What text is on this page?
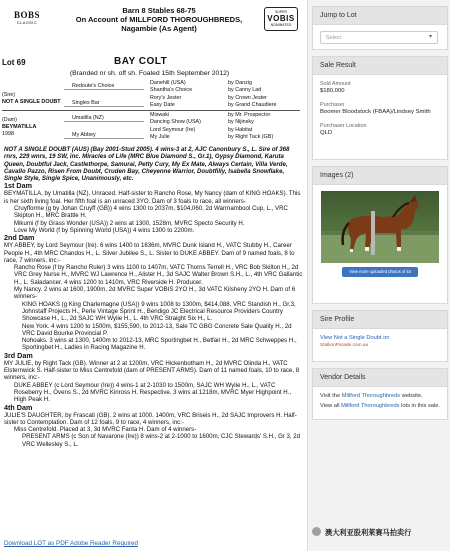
BOBS
CLASSIC
Barn 8 Stables 68-75
On Account of MILLFORD THOROUGHBREDS,
Nagambie (As Agent)
SUPER
VOBIS
NOMINATED
Lot 69	BAY COLT
(Branded nr sh. off sh. Foaled 15th September 2012)
(Sire)
NOT A SINGLE DOUBT
(Dam)
BEYMATILLA
1998
Redoute's Choice
Singles Bar
Umatilla (NZ)
My Abbey
Danehill (USA)
Shantha's Choice
Rory's Jester
Easy Date
Miswaki
Dancing Show (USA)
Lord Seymour (Ire)
My Julie
by Danzig
by Canny Lad
by Crown Jester
by Grand Chaudiere
by Mr. Prospector
by Nijinsky
by Habitat
by Right Tack (GB)

NOT A SINGLE DOUBT (AUS) (Bay 2001-Stud 2005). 4 wins-3 at 2, AJC Canonbury S., L. Sire of 368 rnrs, 229 wnrs, 19 SW, inc. Miracles of Life (MRC Blue Diamond S., Gr.1), Gypsy Diamond, Karuta Queen, Doubtful Jack, Castlethorpe, Samurai, Petty Cury, My Ex Mate, Always Certain, Villa Verde, Cavallo Pazzo, Risen From Doubt, Cruden Bay, Cheyenne Warrior, Doubtfilly, Isabella Snowflake, Single Style, Single Spice, Unanimously, etc.

1st Dam

BEYMATILLA, by Umatilla (NZ). Unraced. Half-sister to Rancho Rose, My Nancy (dam of KING HOAKS). This is her sixth living foal. Her fifth foal is an unraced 3YO. Dam of 3 foals to race, all winners-

Cruyfforme (g by Johan Cruyff (GB)) 4 wins 1300 to 2037m, $104,060, 2d Warrnambool Cup, L., VRC Skipton H., MRC Brattle H.

Mikumi (f by Grass Wonder (USA)) 2 wins at 1300, 1528m, MVRC Specto Security H.

Love My World (f by Spinning World (USA)) 4 wins 1300 to 2200m.

2nd Dam

MY ABBEY, by Lord Seymour (Ire). 6 wins 1400 to 1636m, MVRC Dunk Island H., VATC Stubby H., Career People H., 4th MRC Chandos H., L. Silver Jubilee S., L. Sister to DUKE ABBEY. Dam of 9 named foals, 8 to race, 7 winners, inc:-

Rancho Rose (f by Rancho Ruler) 3 wins 1100 to 1407m, VATC Thorns Terrell H., VRC Bob Skilton H., 2d VRC Grey Nurse H., MVRC WJ Lawrence H., Alister H., 3d SAJC Walter Brown S.H., L., 4th VRC Gallantic H., L. Saladancer. 4 wins 1200 to 1410m, VRC Riverside H. Producer.

My Nancy. 2 wins at 1600, 1900m, 2d MVRC Super VOBIS 2YO H., 3d VATC Kilsheny 2YO H. Dam of 6 winners-

KING HOAKS (g King Charlemagne (USA)) 9 wins 1008 to 1300m, $414,088, VRC Standish H., Gr.3, Johnstaff Projects H., Perle Vintage Sprint H., Bendigo JC Electrical Resource Providers Country Showcase H., L., 2d SAJC WH Wylie H., L. 4th VRC Straight Six H., L.

New York. 4 wins 1200 to 1500m, $155,590, to 2012-13, Sale TC GBG Concrete Sale Quality H., 2d VRC David Bourke Provincial P.

Nohoaks. 3 wins at 1300, 1400m to 2012-13, MRC Sportingbet H., Betfair H., 2d MRC Schweppes H., Sportingbet H., Ladies in Racing Magazine H.

3rd Dam

MY JULIE, by Right Tack (GB). Winner at 2 at 1200m, VRC Hickenbotham H., 2d MVRC Olinda H., VATC Elsternwick S. Half-sister to Miss Centrefold (dam of PRESENT ARMS). Dam of 11 named foals, 10 to race, 8 winners, inc:-

DUKE ABBEY (c Lord Seymour (Ire)) 4 wins-1 at 2-1030 to 1500m, SAJC WH Wylie H., L., VATC Roseberry H., Ovens S., 2d MVRC Kinross H. Respective. 3 wins at 1218m, MVRC Myer Highpoint H., High Peak H.

4th Dam

JULIE'S DAUGHTER, by Frascati (GB). 2 wins at 1000, 1400m, VRC Briseis H., 2d SAJC Improvers H. Half-sister to Contemplation. Dam of 12 foals, 9 to race, 4 winners, inc:-

Miss Centrefold. Placed at 3, 3d MVRC Fanta H. Dam of 4 winners-

PRESENT ARMS (c Son of Navarone (Ire)) 8 wins-2 at 2-1000 to 1600m, CJC Stewards' S.H., Gr 3, 2d VRC Wellesley S., L.

Download LOT as PDF Adobe Reader Required
Jump to Lot
Select	▾
Sale Result
Sold Amount
$180,000
Purchaser
Boomer Bloodstock (FBAA)/Lindsey Smith
Purchaser Location
QLD
Images (2)
View more uploaded photos of lot
Sire Profile
View Not a Single Doubt on
StallionParade.com.au
Vendor Details
Visit the Millford Thoroughbreds website.
View all Millford Thoroughbreds lots in this sale.
澳大利亚股利莱赛马拍卖行
